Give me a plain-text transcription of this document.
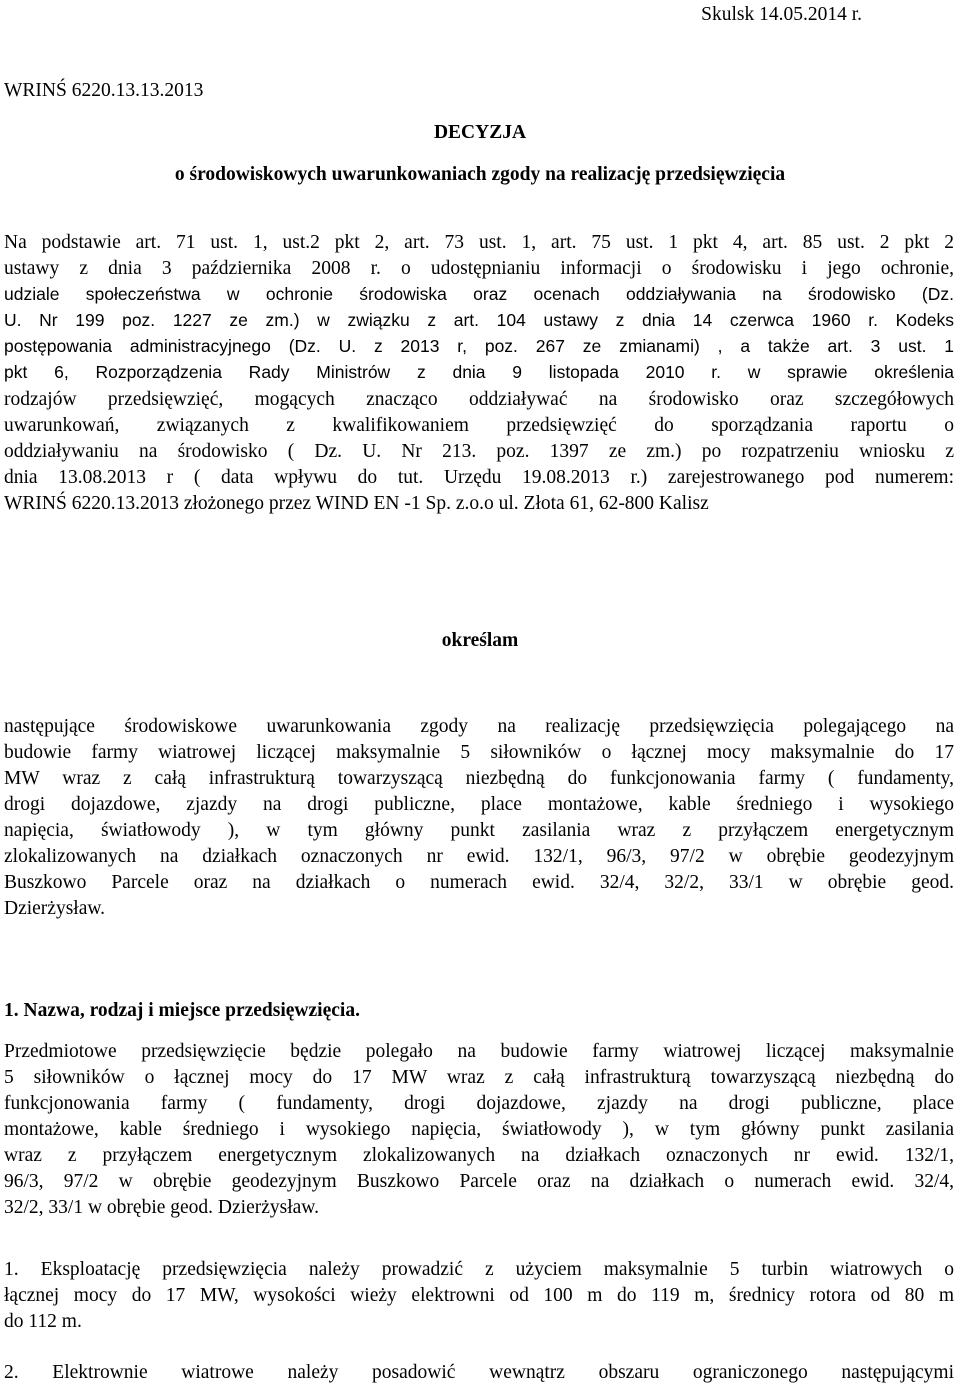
Skulsk 14.05.2014 r.
WRINŚ 6220.13.13.2013
DECYZJA
o środowiskowych uwarunkowaniach zgody na realizację przedsięwzięcia
Na podstawie art. 71 ust. 1, ust.2 pkt 2, art. 73 ust. 1, art. 75 ust. 1 pkt 4, art. 85 ust. 2 pkt 2
ustawy z dnia 3 października 2008 r. o udostępnianiu informacji o środowisku i jego ochronie,
udziale społeczeństwa w ochronie środowiska oraz ocenach oddziaływania na środowisko (Dz.
U. Nr 199 poz. 1227 ze zm.) w związku z art. 104 ustawy z dnia 14 czerwca 1960 r. Kodeks
postępowania administracyjnego (Dz. U. z 2013 r, poz. 267 ze zmianami) , a także art. 3 ust. 1
pkt 6, Rozporządzenia Rady Ministrów z dnia 9 listopada 2010 r. w sprawie określenia
rodzajów przedsięwzięć, mogących znacząco oddziaływać na środowisko oraz szczegółowych
uwarunkowań, związanych z kwalifikowaniem przedsięwzięć do sporządzania raportu o
oddziaływaniu na środowisko ( Dz. U. Nr 213. poz. 1397 ze zm.) po rozpatrzeniu wniosku z
dnia 13.08.2013 r ( data wpływu do tut. Urzędu 19.08.2013 r.) zarejestrowanego pod numerem:
WRINŚ 6220.13.2013 złożonego przez WIND EN -1 Sp. z.o.o ul. Złota 61, 62-800 Kalisz
określam
następujące środowiskowe uwarunkowania zgody na realizację przedsięwzięcia polegającego na
budowie farmy wiatrowej liczącej maksymalnie 5 siłowników o łącznej mocy maksymalnie do 17
MW wraz z całą infrastrukturą towarzyszącą niezbędną do funkcjonowania farmy ( fundamenty,
drogi dojazdowe, zjazdy na drogi publiczne, place montażowe, kable średniego i wysokiego
napięcia, światłowody ), w tym główny punkt zasilania wraz z przyłączem energetycznym
zlokalizowanych na działkach oznaczonych nr ewid. 132/1, 96/3, 97/2 w obrębie geodezyjnym
Buszkowo Parcele oraz na działkach o numerach ewid. 32/4, 32/2, 33/1 w obrębie geod.
Dzierżysław.
1. Nazwa, rodzaj i miejsce przedsięwzięcia.
Przedmiotowe przedsięwzięcie będzie polegało na budowie farmy wiatrowej liczącej maksymalnie
5 siłowników o łącznej mocy do 17 MW wraz z całą infrastrukturą towarzyszącą niezbędną do
funkcjonowania farmy ( fundamenty, drogi dojazdowe, zjazdy na drogi publiczne, place
montażowe, kable średniego i wysokiego napięcia, światłowody ), w tym główny punkt zasilania
wraz z przyłączem energetycznym zlokalizowanych na działkach oznaczonych nr ewid. 132/1,
96/3, 97/2 w obrębie geodezyjnym Buszkowo Parcele oraz na działkach o numerach ewid. 32/4,
32/2, 33/1 w obrębie geod. Dzierżysław.
1. Eksploatację przedsięwzięcia należy prowadzić z użyciem maksymalnie 5 turbin wiatrowych o
łącznej mocy do 17 MW, wysokości wieży elektrowni od 100 m do 119 m, średnicy rotora od 80 m
do 112 m.
2. Elektrownie wiatrowe należy posadowić wewnątrz obszaru ograniczonego następującymi
